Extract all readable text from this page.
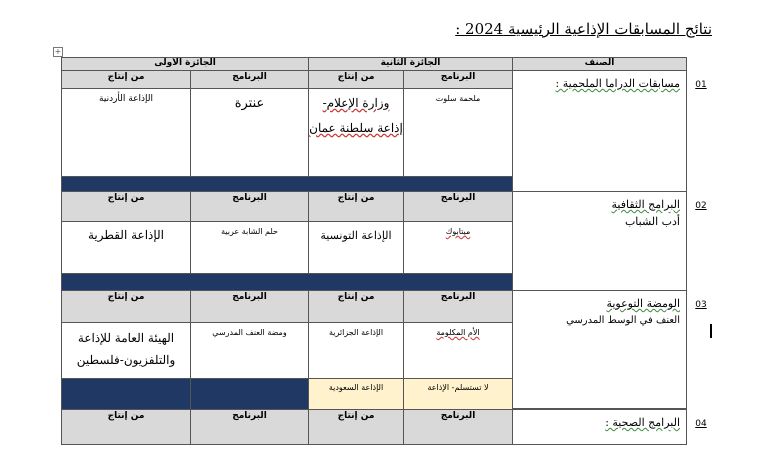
نتائج المسابقات الإذاعية الرئيسية 2024 :
+
الصنف
الجائزة الثانية
الجائزة الأولى
البرنامج
من إنتاج
البرنامج
من إنتاج
01
مسابقات الدراما الملحمية :
ملحمة سلوت
وزارة الإعلام- إذاعة سلطنة عمان
عنترة
الإذاعة الأردنية
02
البرامج الثقافية
أدب الشباب
البرنامج
من إنتاج
البرنامج
من إنتاج
ميتابوك
الإذاعة التونسية
حلم الشابة عربية
الإذاعة القطرية
03
الومضة التوعوية
العنف في الوسط المدرسي
البرنامج
من إنتاج
البرنامج
من إنتاج
الأم المكلومة
الإذاعة الجزائرية
ومضة العنف المدرسي
الهيئة العامة للإذاعة والتلفزيون-فلسطين
لا تستسلم- الإذاعة
الإذاعة السعودية
04
البرامج الصحية :
البرنامج
من إنتاج
البرنامج
من إنتاج
